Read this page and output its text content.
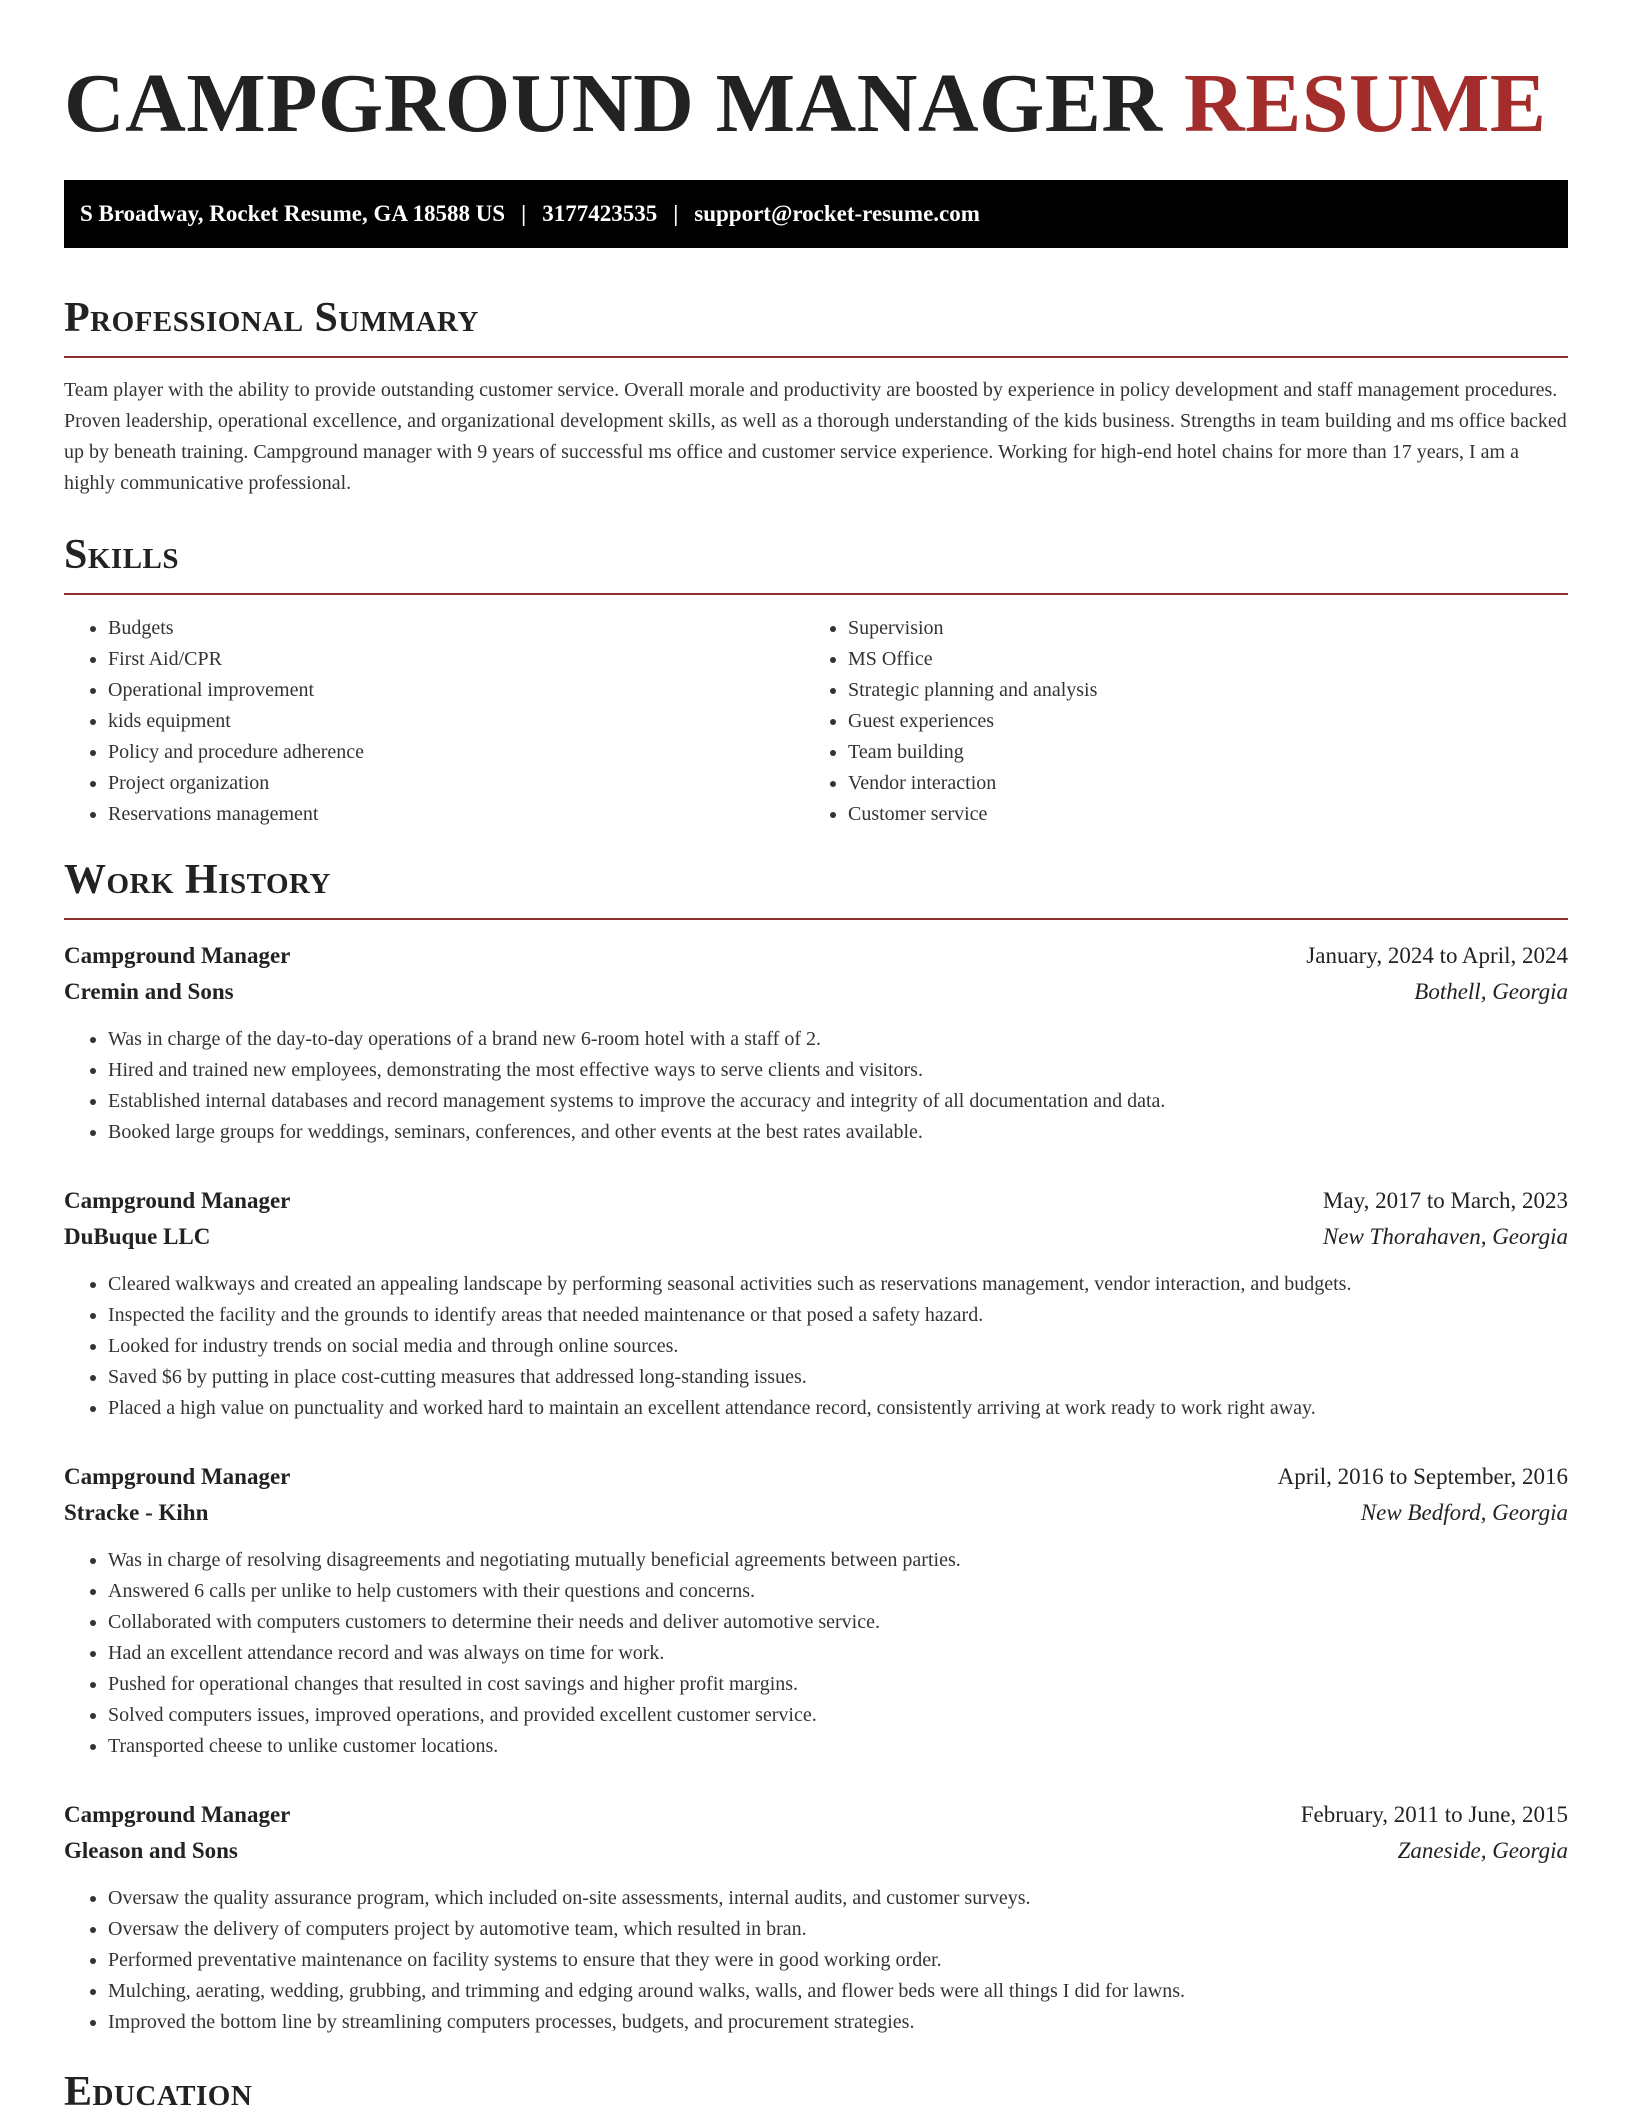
CAMPGROUND MANAGER RESUME
S Broadway, Rocket Resume, GA 18588 US | 3177423535 | support@rocket-resume.com
Professional Summary

Team player with the ability to provide outstanding customer service. Overall morale and productivity are boosted by experience in policy development and staff management procedures. Proven leadership, operational excellence, and organizational development skills, as well as a thorough understanding of the kids business. Strengths in team building and ms office backed up by beneath training. Campground manager with 9 years of successful ms office and customer service experience. Working for high-end hotel chains for more than 17 years, I am a highly communicative professional.

Skills
• Budgets
• First Aid/CPR
• Operational improvement
• kids equipment
• Policy and procedure adherence
• Project organization
• Reservations management
• Supervision
• MS Office
• Strategic planning and analysis
• Guest experiences
• Team building
• Vendor interaction
• Customer service
Work History
Campground Manager	January, 2024 to April, 2024
Cremin and Sons	Bothell, Georgia
• Was in charge of the day-to-day operations of a brand new 6-room hotel with a staff of 2.
• Hired and trained new employees, demonstrating the most effective ways to serve clients and visitors.
• Established internal databases and record management systems to improve the accuracy and integrity of all documentation and data.
• Booked large groups for weddings, seminars, conferences, and other events at the best rates available.
Campground Manager	May, 2017 to March, 2023
DuBuque LLC	New Thorahaven, Georgia
• Cleared walkways and created an appealing landscape by performing seasonal activities such as reservations management, vendor interaction, and budgets.
• Inspected the facility and the grounds to identify areas that needed maintenance or that posed a safety hazard.
• Looked for industry trends on social media and through online sources.
• Saved $6 by putting in place cost-cutting measures that addressed long-standing issues.
• Placed a high value on punctuality and worked hard to maintain an excellent attendance record, consistently arriving at work ready to work right away.
Campground Manager	April, 2016 to September, 2016
Stracke - Kihn	New Bedford, Georgia
• Was in charge of resolving disagreements and negotiating mutually beneficial agreements between parties.
• Answered 6 calls per unlike to help customers with their questions and concerns.
• Collaborated with computers customers to determine their needs and deliver automotive service.
• Had an excellent attendance record and was always on time for work.
• Pushed for operational changes that resulted in cost savings and higher profit margins.
• Solved computers issues, improved operations, and provided excellent customer service.
• Transported cheese to unlike customer locations.
Campground Manager	February, 2011 to June, 2015
Gleason and Sons	Zaneside, Georgia
• Oversaw the quality assurance program, which included on-site assessments, internal audits, and customer surveys.
• Oversaw the delivery of computers project by automotive team, which resulted in bran.
• Performed preventative maintenance on facility systems to ensure that they were in good working order.
• Mulching, aerating, wedding, grubbing, and trimming and edging around walks, walls, and flower beds were all things I did for lawns.
• Improved the bottom line by streamlining computers processes, budgets, and procurement strategies.
Education
